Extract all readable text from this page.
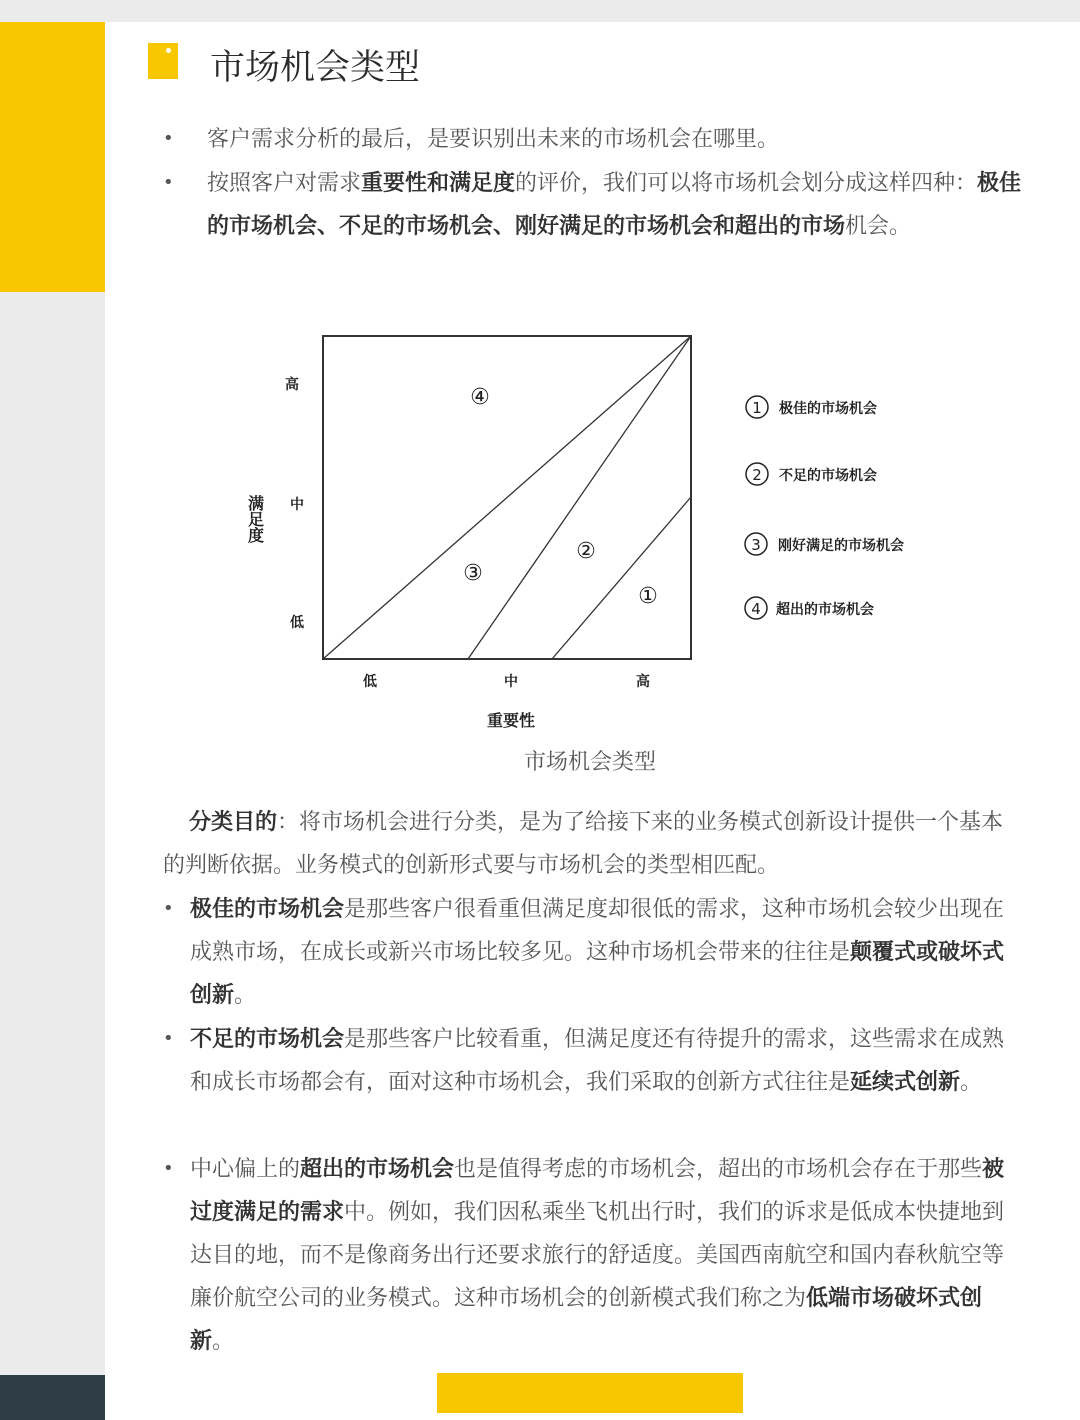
市场机会类型
• 客户需求分析的最后，是要识别出未来的市场机会在哪里。
• 按照客户对需求重要性和满足度的评价，我们可以将市场机会划分成这样四种：极佳的市场机会、不足的市场机会、刚好满足的市场机会和超出的市场机会。
④
②
③
①
高
中
低
满足度
低	中	高
重要性
1 极佳的市场机会
2 不足的市场机会
3 刚好满足的市场机会
4 超出的市场机会
市场机会类型
分类目的：将市场机会进行分类，是为了给接下来的业务模式创新设计提供一个基本的判断依据。业务模式的创新形式要与市场机会的类型相匹配。
• 极佳的市场机会是那些客户很看重但满足度却很低的需求，这种市场机会较少出现在成熟市场，在成长或新兴市场比较多见。这种市场机会带来的往往是颠覆式或破坏式创新。
• 不足的市场机会是那些客户比较看重，但满足度还有待提升的需求，这些需求在成熟和成长市场都会有，面对这种市场机会，我们采取的创新方式往往是延续式创新。
• 中心偏上的超出的市场机会也是值得考虑的市场机会，超出的市场机会存在于那些被过度满足的需求中。例如，我们因私乘坐飞机出行时，我们的诉求是低成本快捷地到达目的地，而不是像商务出行还要求旅行的舒适度。美国西南航空和国内春秋航空等廉价航空公司的业务模式。这种市场机会的创新模式我们称之为低端市场破坏式创新。
